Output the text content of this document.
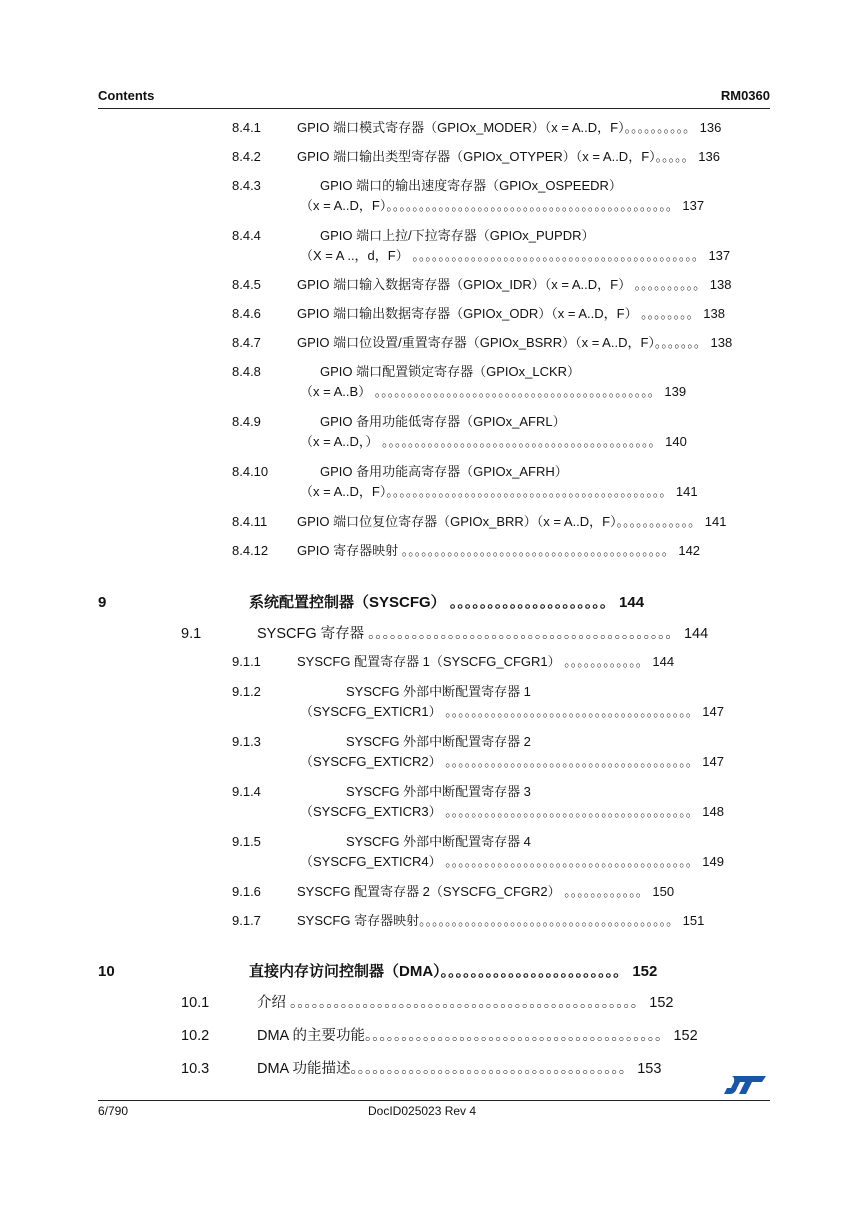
Contents	RM0360
8.4.1	GPIO 端口模式寄存器（GPIOx_MODER）（x = A..D，F）。。。。。。。。。。 136
8.4.2	GPIO 端口输出类型寄存器（GPIOx_OTYPER）（x = A..D，F）。。。。。 136
8.4.3	GPIO 端口的输出速度寄存器（GPIOx_OSPEEDR）
（x = A..D，F）。。。。。。。。。。。。。。。。。。。。。。。。。。。。。。。。。。。。。。。。。。。。 137
8.4.4	GPIO 端口上拉/下拉寄存器（GPIOx_PUPDR）
（X = A ..，d，F） 。。。。。。。。。。。。。。。。。。。。。。。。。。。。。。。。。。。。。。。。。。。。 137
8.4.5	GPIO 端口输入数据寄存器（GPIOx_IDR）（x = A..D，F） 。。。。。。。。。。 138
8.4.6	GPIO 端口输出数据寄存器（GPIOx_ODR）（x = A..D，F） 。。。。。。。。 138
8.4.7	GPIO 端口位设置/重置寄存器（GPIOx_BSRR）（x = A..D，F）。。。。。。。 138
8.4.8	GPIO 端口配置锁定寄存器（GPIOx_LCKR）
（x = A..B） 。。。。。。。。。。。。。。。。。。。。。。。。。。。。。。。。。。。。。。。。。。。 139
8.4.9	GPIO 备用功能低寄存器（GPIOx_AFRL）
（x = A..D，） 。。。。。。。。。。。。。。。。。。。。。。。。。。。。。。。。。。。。。。。。。。 140
8.4.10	GPIO 备用功能高寄存器（GPIOx_AFRH）
（x = A..D，F）。。。。。。。。。。。。。。。。。。。。。。。。。。。。。。。。。。。。。。。。。。。 141
8.4.11 GPIO 端口位复位寄存器（GPIOx_BRR）（x = A..D，F）。。。。。。。。。。。。 141
8.4.12 GPIO 寄存器映射 。。。。。。。。。。。。。。。。。。。。。。。。。。。。。。。。。。。。。。。。。 142
9	系统配置控制器（SYSCFG） 。。。。。。。。。。。。。。。。。。。。。 144
9.1	SYSCFG 寄存器 。。。。。。。。。。。。。。。。。。。。。。。。。。。。。。。。。。。。。。。。。。 144
9.1.1	SYSCFG 配置寄存器 1（SYSCFG_CFGR1） 。。。。。。。。。。。。 144
9.1.2	SYSCFG 外部中断配置寄存器 1
（SYSCFG_EXTICR1） 。。。。。。。。。。。。。。。。。。。。。。。。。。。。。。。。。。。。。。 147
9.1.3	SYSCFG 外部中断配置寄存器 2
（SYSCFG_EXTICR2） 。。。。。。。。。。。。。。。。。。。。。。。。。。。。。。。。。。。。。。 147
9.1.4	SYSCFG 外部中断配置寄存器 3
（SYSCFG_EXTICR3） 。。。。。。。。。。。。。。。。。。。。。。。。。。。。。。。。。。。。。。 148
9.1.5	SYSCFG 外部中断配置寄存器 4
（SYSCFG_EXTICR4） 。。。。。。。。。。。。。。。。。。。。。。。。。。。。。。。。。。。。。。 149
9.1.6	SYSCFG 配置寄存器 2（SYSCFG_CFGR2） 。。。。。。。。。。。。 150
9.1.7	SYSCFG 寄存器映射。。。。。。。。。。。。。。。。。。。。。。。。。。。。。。。。。。。。。。。 151
10	直接内存访问控制器（DMA）。。。。。。。。。。。。。。。。。。。。。。。。 152
10.1	介绍 。。。。。。。。。。。。。。。。。。。。。。。。。。。。。。。。。。。。。。。。。。。。。。。。 152
10.2	DMA 的主要功能。。。。。。。。。。。。。。。。。。。。。。。。。。。。。。。。。。。。。。。。。 152
10.3	DMA 功能描述。。。。。。。。。。。。。。。。。。。。。。。。。。。。。。。。。。。。。。 153
6/790	DocID025023 Rev 4
